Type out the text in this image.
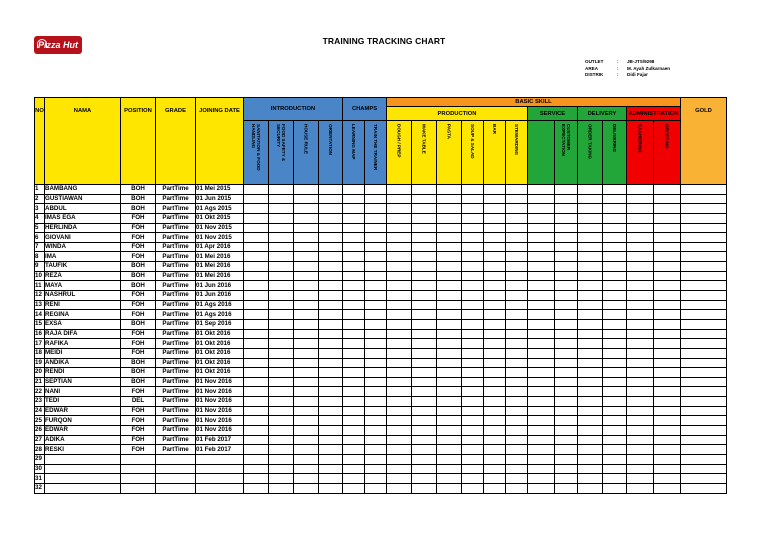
Pizza Hut	TRAINING TRACKING CHART
OUTLET	:	JB-JTS/9298
AREA	:	M. Ayah Zulkarnaen
DISTRIK	:	Didi Fajar
NO	NAMA	POSITION	GRADE	JOINING DATE	INTRODUCTION				CHAMPS		BASIC SKILL												GOLD
											PRODUCTION						SERVICE		DELIVERY		ADMINISTRATION		

					SANITATION & FOOD HANDLING	FOOD SAFETY & SECURITY	HOUSE RULE	ORIENTATION	LEARNING MAP	TRAIN THE TRAINER	DOUGH / PREP	MAKE TABLE	PASTA	SOUP & SALAD	BAR	STEWARDING		CUSTOMER EXPECTATION	ORDER TAKING	DELIVERING	CASHIERING	ORDERING	

1	BAMBANG	BOH	PartTime	01 Mei 2015																			
2	GUSTIAWAN	BOH	PartTime	01 Jun 2015																			
3	ABDUL	BOH	PartTime	01 Ags 2015																			
4	IMAS EGA	FOH	PartTime	01 Okt 2015																			
5	HERLINDA	FOH	PartTime	01 Nov 2015																			
6	GIOVANI	FOH	PartTime	01 Nov 2015																			
7	WINDA	FOH	PartTime	01 Apr 2016																			
8	IMA	FOH	PartTime	01 Mei 2016																			
9	TAUFIK	BOH	PartTime	01 Mei 2016																			
10	REZA	BOH	PartTime	01 Mei 2016																			
11	MAYA	BOH	PartTime	01 Jun 2016																			
12	NASHRUL	FOH	PartTime	01 Jun 2016																			
13	RENI	FOH	PartTime	01 Ags 2016																			
14	REGINA	FOH	PartTime	01 Ags 2016																			
15	EXSA	BOH	PartTime	01 Sep 2016																			
16	RAJA DIFA	FOH	PartTime	01 Okt 2016																			
17	RAFIKA	FOH	PartTime	01 Okt 2016																			
18	MEIDI	FOH	PartTime	01 Okt 2016																			
19	ANDIKA	BOH	PartTime	01 Okt 2016																			
20	RENDI	BOH	PartTime	01 Okt 2016																			
21	SEPTIAN	BOH	PartTime	01 Nov 2016																			
22	NANI	FOH	PartTime	01 Nov 2016																			
23	TEDI	DEL	PartTime	01 Nov 2016																			
24	EDWAR	FOH	PartTime	01 Nov 2016																			
25	FURQON	FOH	PartTime	01 Nov 2016																			
26	EDWAR	FOH	PartTime	01 Nov 2016																			
27	ADIKA	FOH	PartTime	01 Feb 2017																			
28	RESKI	FOH	PartTime	01 Feb 2017																			
29																							
30																							
31																							
32																							
